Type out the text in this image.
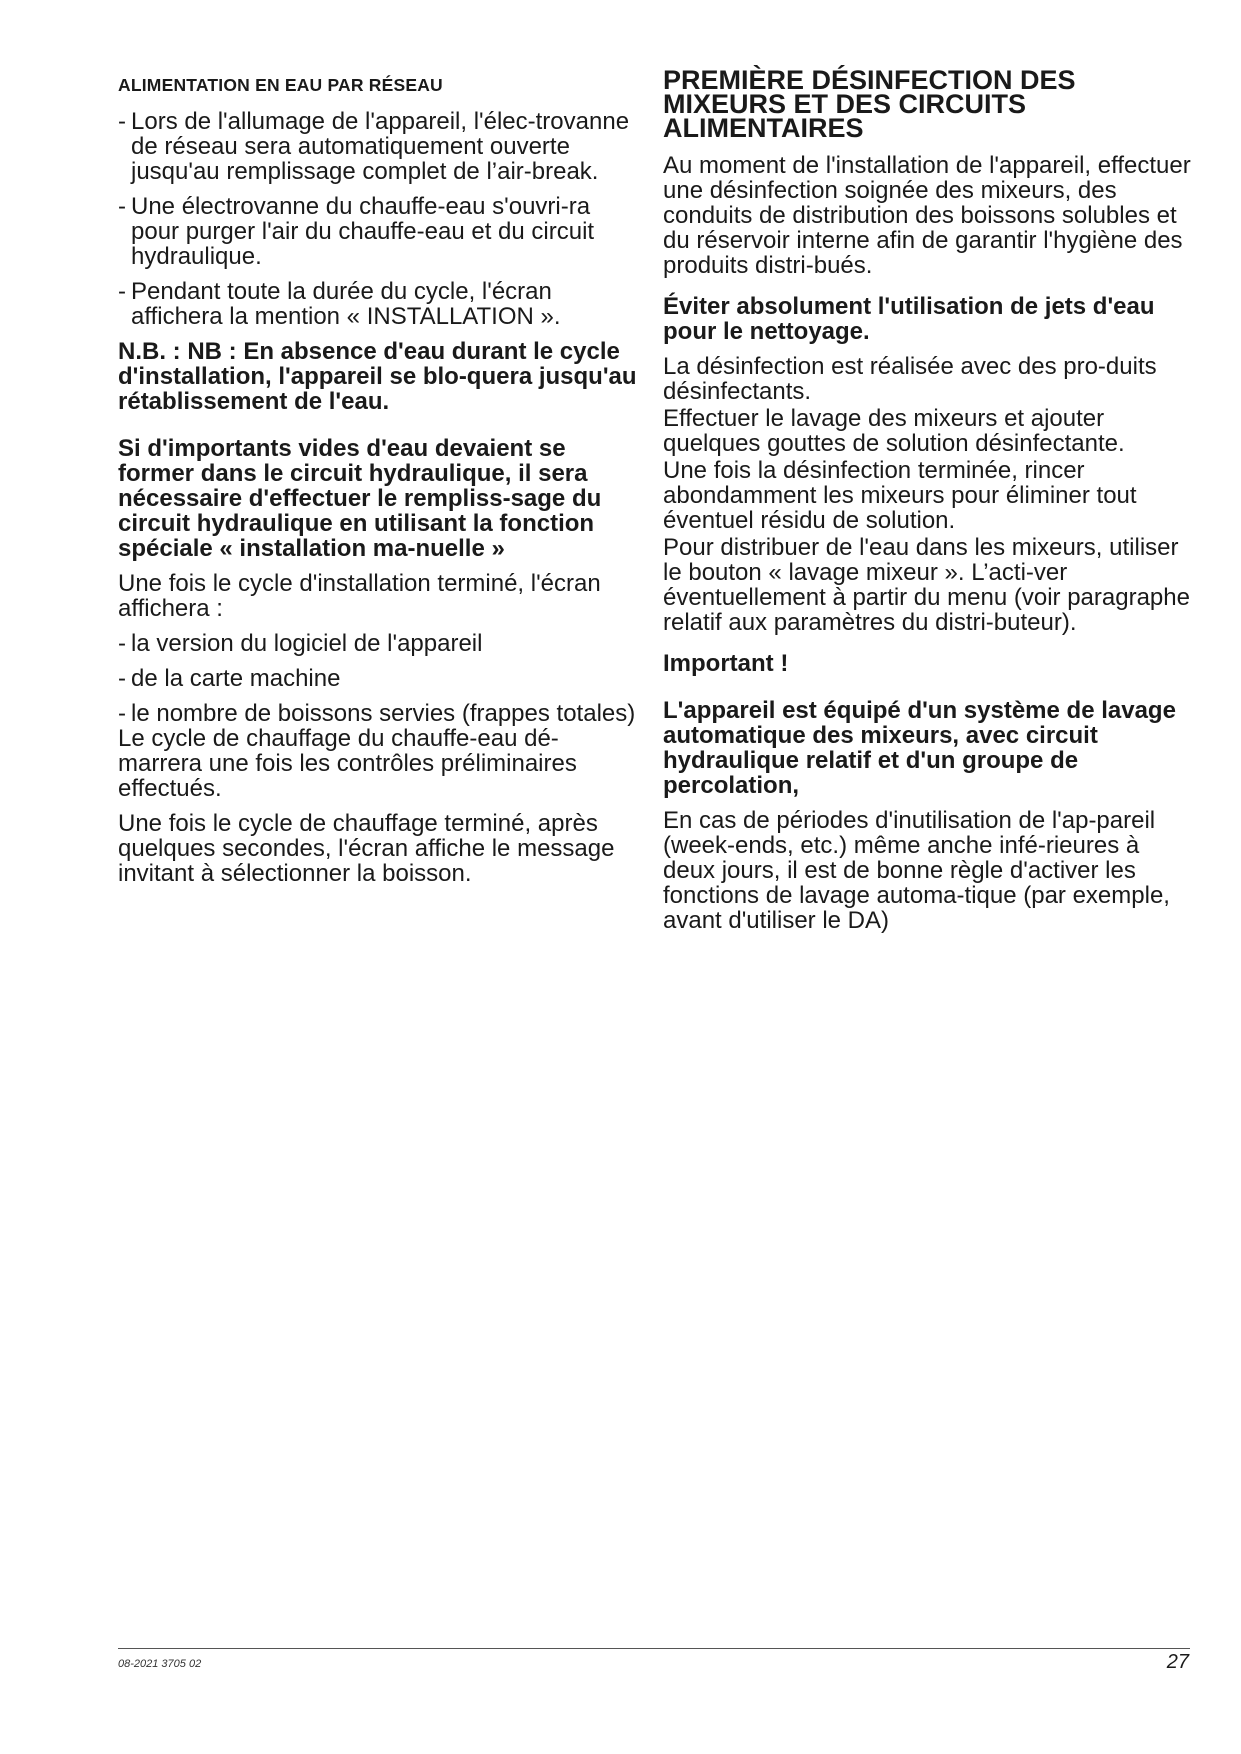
ALIMENTATION EN EAU PAR RÉSEAU
- Lors de l'allumage de l'appareil, l'élec-trovanne de réseau sera automatiquement ouverte jusqu'au remplissage complet de l’air-break.
- Une électrovanne du chauffe-eau s'ouvri-ra pour purger l'air du chauffe-eau et du circuit hydraulique.
- Pendant toute la durée du cycle, l'écran affichera la mention « INSTALLATION ».

N.B. : NB : En absence d'eau durant le cycle d'installation, l'appareil se blo-quera jusqu'au rétablissement de l'eau.

Si d'importants vides d'eau devaient se former dans le circuit hydraulique, il sera nécessaire d'effectuer le rempliss-sage du circuit hydraulique en utilisant la fonction spéciale « installation ma-nuelle »

Une fois le cycle d'installation terminé, l'écran affichera :

- la version du logiciel de l'appareil
- de la carte machine
- le nombre de boissons servies (frappes totales)

Le cycle de chauffage du chauffe-eau dé-marrera une fois les contrôles préliminaires effectués.

Une fois le cycle de chauffage terminé, après quelques secondes, l'écran affiche le message invitant à sélectionner la boisson.

PREMIÈRE DÉSINFECTION DES MIXEURS ET DES CIRCUITS ALIMENTAIRES

Au moment de l'installation de l'appareil, effectuer une désinfection soignée des mixeurs, des conduits de distribution des boissons solubles et du réservoir interne afin de garantir l'hygiène des produits distri-bués.

Éviter absolument l'utilisation de jets d'eau pour le nettoyage.

La désinfection est réalisée avec des pro-duits désinfectants.

Effectuer le lavage des mixeurs et ajouter quelques gouttes de solution désinfectante.

Une fois la désinfection terminée, rincer abondamment les mixeurs pour éliminer tout éventuel résidu de solution.

Pour distribuer de l'eau dans les mixeurs, utiliser le bouton « lavage mixeur ». L’acti-ver éventuellement à partir du menu (voir paragraphe relatif aux paramètres du distri-buteur).

Important !

L'appareil est équipé d'un système de lavage automatique des mixeurs, avec circuit hydraulique relatif et d'un groupe de percolation,

En cas de périodes d'inutilisation de l'ap-pareil (week-ends, etc.) même anche infé-rieures à deux jours, il est de bonne règle d'activer les fonctions de lavage automa-tique (par exemple, avant d'utiliser le DA)

08-2021 3705 02	27
